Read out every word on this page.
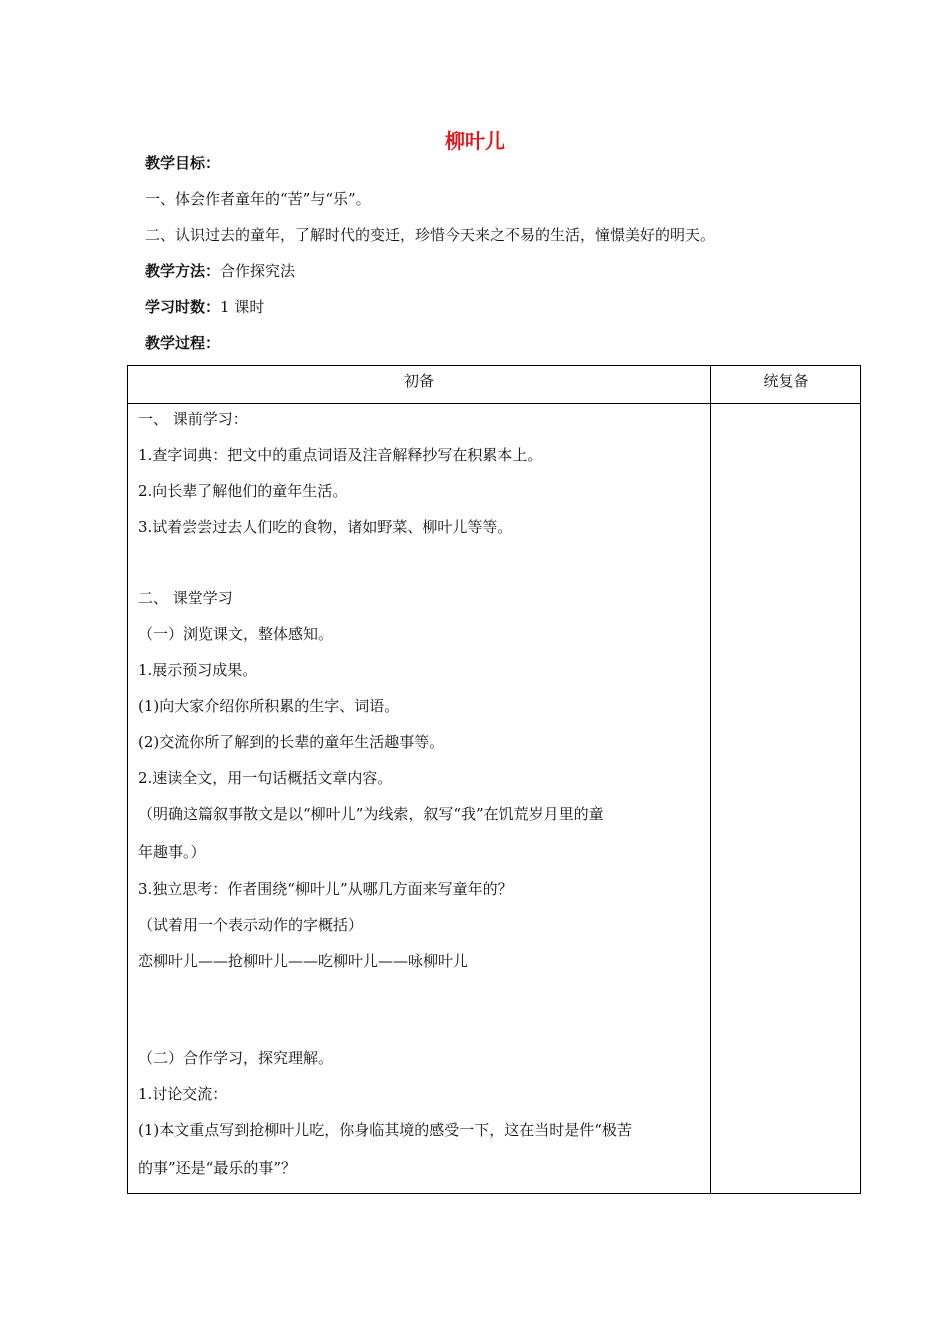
柳叶儿
教学目标：
一、体会作者童年的“苦”与“乐”。
二、认识过去的童年，了解时代的变迁，珍惜今天来之不易的生活，憧憬美好的明天。
教学方法：合作探究法
学习时数：1 课时
教学过程：
初备	统复备
一、 课前学习：
1.查字词典：把文中的重点词语及注音解释抄写在积累本上。
2.向长辈了解他们的童年生活。
3.试着尝尝过去人们吃的食物，诸如野菜、柳叶儿等等。
二、 课堂学习
（一）浏览课文，整体感知。
1.展示预习成果。
(1)向大家介绍你所积累的生字、词语。
(2)交流你所了解到的长辈的童年生活趣事等。
2.速读全文，用一句话概括文章内容。
（明确这篇叙事散文是以“柳叶儿”为线索，叙写“我”在饥荒岁月里的童
年趣事。）
3.独立思考：作者围绕“柳叶儿”从哪几方面来写童年的？
（试着用一个表示动作的字概括）
恋柳叶儿——抢柳叶儿——吃柳叶儿——咏柳叶儿
（二）合作学习，探究理解。
1.讨论交流：
(1)本文重点写到抢柳叶儿吃，你身临其境的感受一下，这在当时是件“极苦
的事”还是“最乐的事”？
